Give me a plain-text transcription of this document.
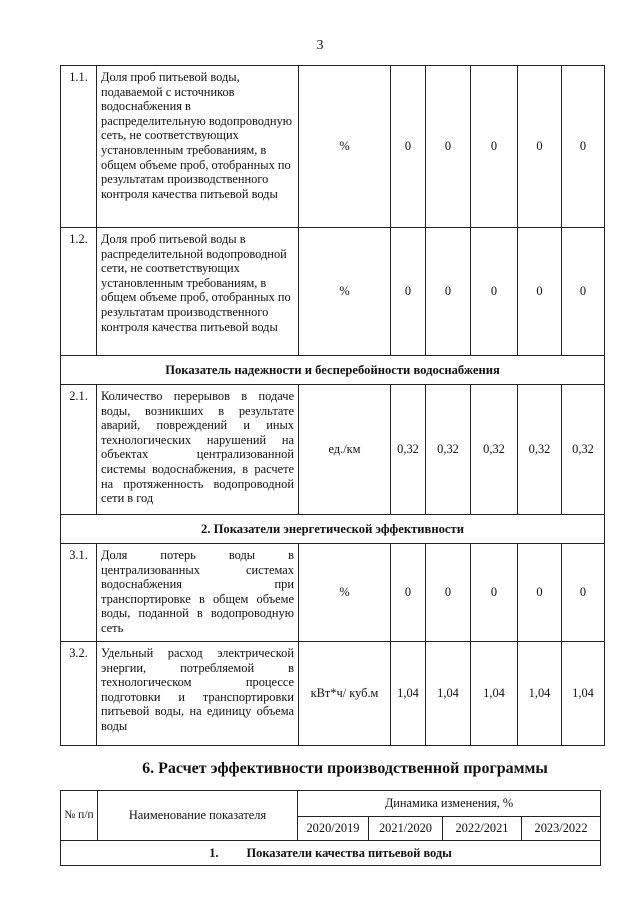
3
1.1.	Доля проб питьевой воды, подаваемой с источников водоснабжения в распределительную водопроводную сеть, не соответствующих установленным требованиям, в общем объеме проб, отобранных по результатам производственного контроля качества питьевой воды	%	0	0	0	0	0
1.2.	Доля проб питьевой воды в распределительной водопроводной сети, не соответствующих установленным требованиям, в общем объеме проб, отобранных по результатам производственного контроля качества питьевой воды	%	0	0	0	0	0
Показатель надежности и бесперебойности водоснабжения							
2.1.	Количество перерывов в подаче воды, возникших в результате аварий, повреждений и иных технологических нарушений на объектах централизованной системы водоснабжения, в расчете на протяженность водопроводной сети в год	ед./км	0,32	0,32	0,32	0,32	0,32
2. Показатели энергетической эффективности							
3.1.	Доля потерь воды в централизованных системах водоснабжения при транспортировке в общем объеме воды, поданной в водопроводную сеть	%	0	0	0	0	0
3.2.	Удельный расход электрической энергии, потребляемой в технологическом процессе подготовки и транспортировки питьевой воды, на единицу объема воды	кВт*ч/ куб.м	1,04	1,04	1,04	1,04	1,04
6. Расчет эффективности производственной программы
№ п/п	Наименование показателя	Динамика изменения, %			
		2020/2019	2021/2020	2022/2021	2023/2022
1. Показатели качества питьевой воды					
